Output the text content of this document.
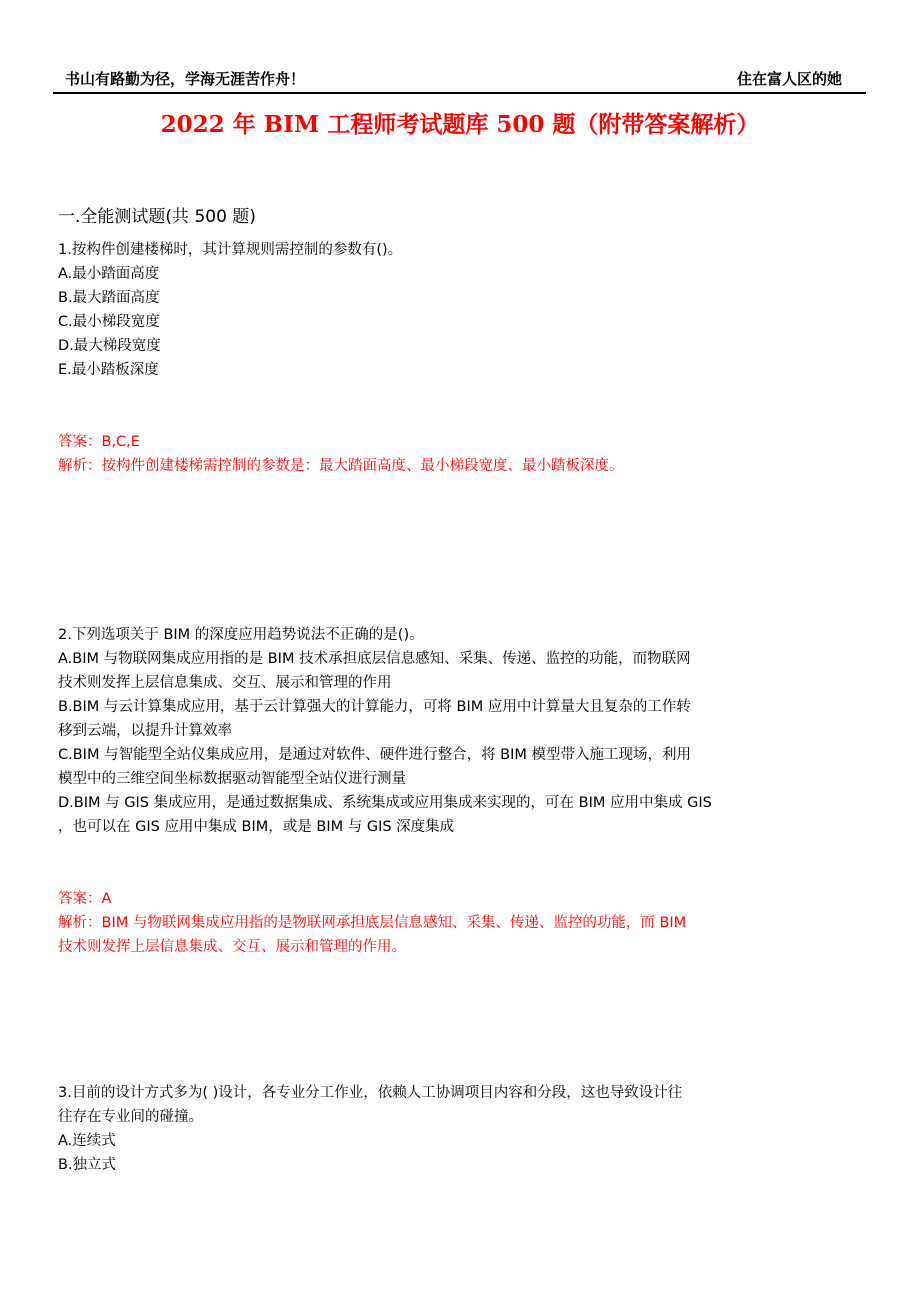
书山有路勤为径，学海无涯苦作舟！	住在富人区的她
2022 年 BIM 工程师考试题库 500 题（附带答案解析）
一.全能测试题(共 500 题)
1.按构件创建楼梯时，其计算规则需控制的参数有()。
A.最小踏面高度
B.最大踏面高度
C.最小梯段宽度
D.最大梯段宽度
E.最小踏板深度
答案：B,C,E
解析：按构件创建楼梯需控制的参数是：最大踏面高度、最小梯段宽度、最小踏板深度。
2.下列选项关于 BIM 的深度应用趋势说法不正确的是()。
A.BIM 与物联网集成应用指的是 BIM 技术承担底层信息感知、采集、传递、监控的功能，而物联网
技术则发挥上层信息集成、交互、展示和管理的作用
B.BIM 与云计算集成应用，基于云计算强大的计算能力，可将 BIM 应用中计算量大且复杂的工作转
移到云端，以提升计算效率
C.BIM 与智能型全站仪集成应用，是通过对软件、硬件进行整合，将 BIM 模型带入施工现场，利用
模型中的三维空间坐标数据驱动智能型全站仪进行测量
D.BIM 与 GIS 集成应用，是通过数据集成、系统集成或应用集成来实现的，可在 BIM 应用中集成 GIS
，也可以在 GIS 应用中集成 BIM，或是 BIM 与 GIS 深度集成
答案：A
解析：BIM 与物联网集成应用指的是物联网承担底层信息感知、采集、传递、监控的功能，而 BIM
技术则发挥上层信息集成、交互、展示和管理的作用。
3.目前的设计方式多为( )设计，各专业分工作业，依赖人工协调项目内容和分段，这也导致设计往
往存在专业间的碰撞。
A.连续式
B.独立式
